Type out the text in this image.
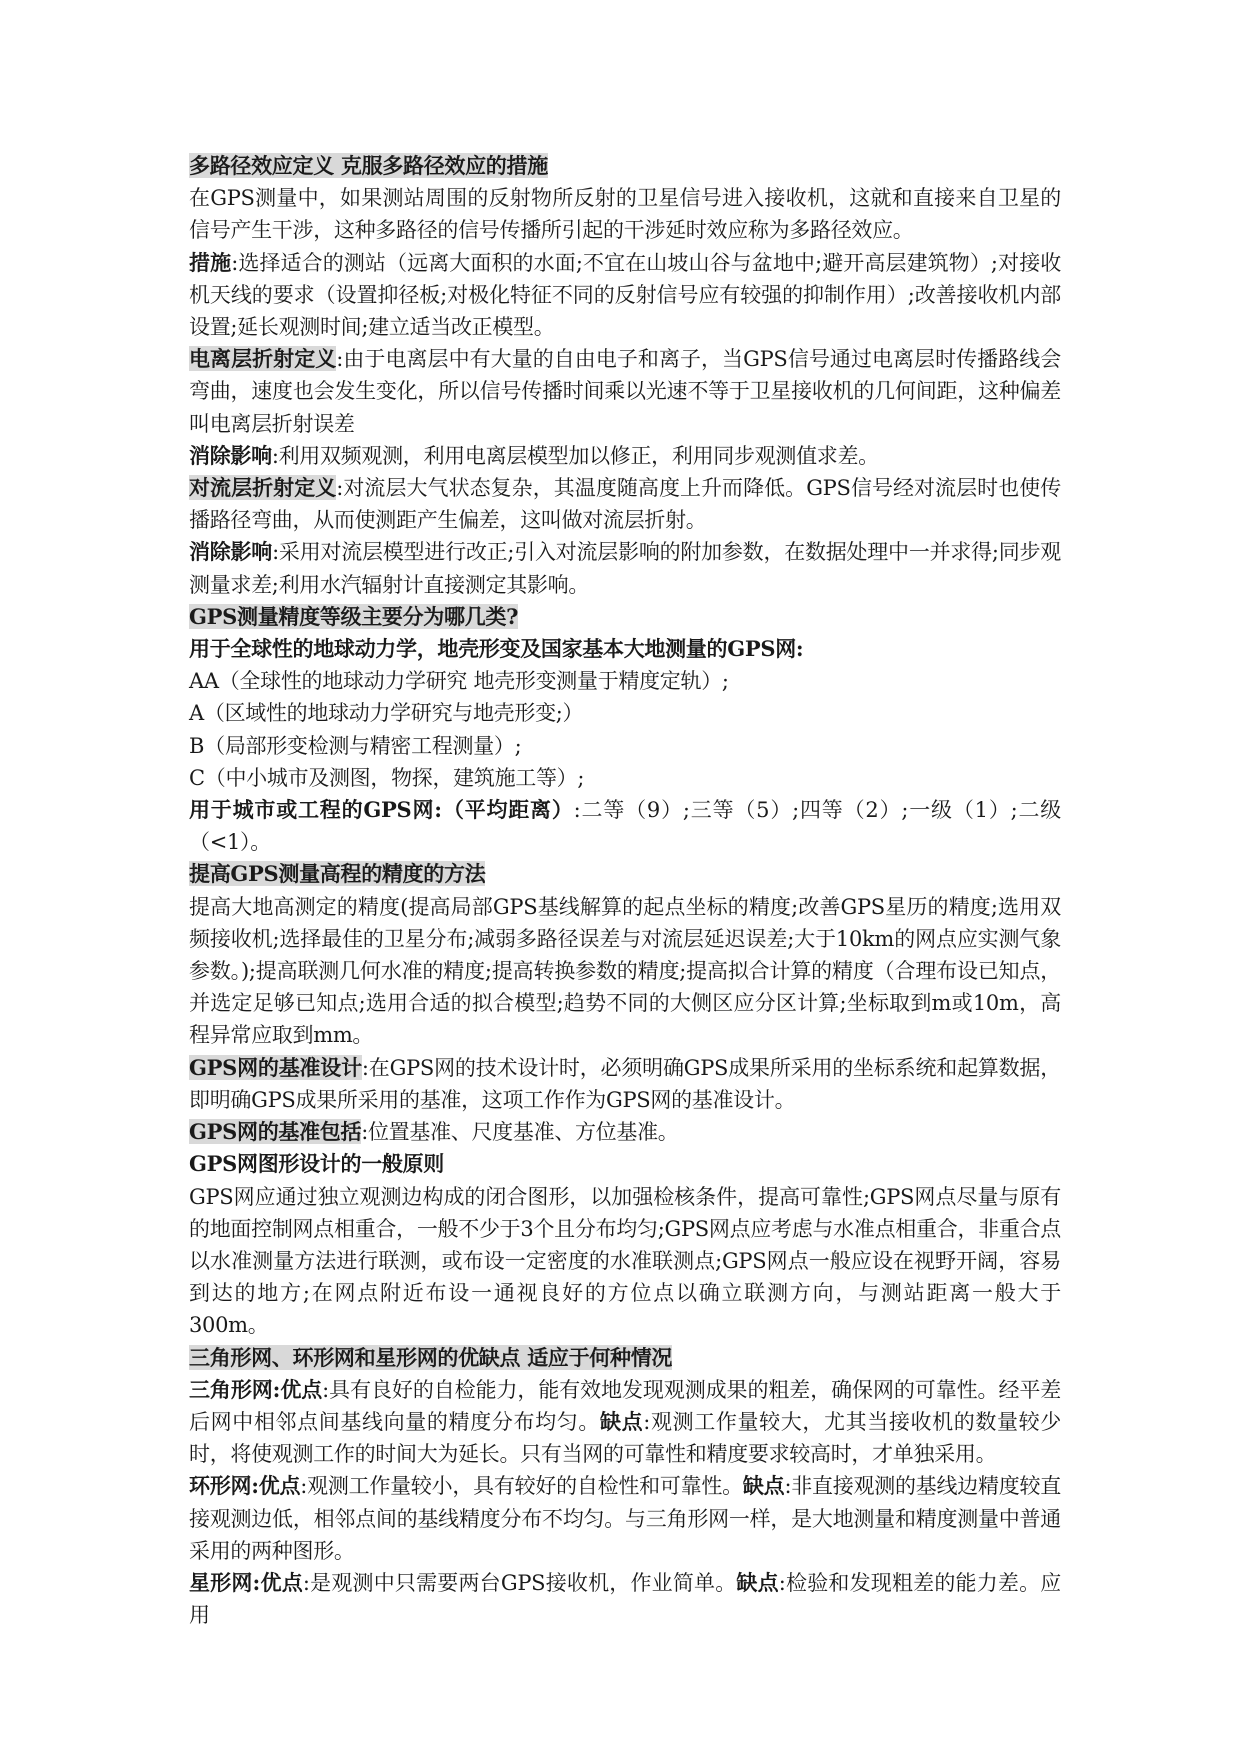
多路径效应定义 克服多路径效应的措施

在GPS测量中，如果测站周围的反射物所反射的卫星信号进入接收机，这就和直接来自卫星的信号产生干涉，这种多路径的信号传播所引起的干涉延时效应称为多路径效应。

措施:选择适合的测站（远离大面积的水面;不宜在山坡山谷与盆地中;避开高层建筑物）;对接收机天线的要求（设置抑径板;对极化特征不同的反射信号应有较强的抑制作用）;改善接收机内部设置;延长观测时间;建立适当改正模型。

电离层折射定义:由于电离层中有大量的自由电子和离子，当GPS信号通过电离层时传播路线会弯曲，速度也会发生变化，所以信号传播时间乘以光速不等于卫星接收机的几何间距，这种偏差叫电离层折射误差

消除影响:利用双频观测，利用电离层模型加以修正，利用同步观测值求差。

对流层折射定义:对流层大气状态复杂，其温度随高度上升而降低。GPS信号经对流层时也使传播路径弯曲，从而使测距产生偏差，这叫做对流层折射。

消除影响:采用对流层模型进行改正;引入对流层影响的附加参数，在数据处理中一并求得;同步观测量求差;利用水汽辐射计直接测定其影响。

GPS测量精度等级主要分为哪几类?

用于全球性的地球动力学，地壳形变及国家基本大地测量的GPS网:

AA（全球性的地球动力学研究 地壳形变测量于精度定轨）;

A（区域性的地球动力学研究与地壳形变;）

B（局部形变检测与精密工程测量）;

C（中小城市及测图，物探，建筑施工等）;

用于城市或工程的GPS网:（平均距离）:二等（9）;三等（5）;四等（2）;一级（1）;二级（<1）。

提高GPS测量高程的精度的方法

提高大地高测定的精度(提高局部GPS基线解算的起点坐标的精度;改善GPS星历的精度;选用双频接收机;选择最佳的卫星分布;减弱多路径误差与对流层延迟误差;大于10km的网点应实测气象参数。);提高联测几何水准的精度;提高转换参数的精度;提高拟合计算的精度（合理布设已知点，并选定足够已知点;选用合适的拟合模型;趋势不同的大侧区应分区计算;坐标取到m或10m，高程异常应取到mm。

GPS网的基准设计:在GPS网的技术设计时，必须明确GPS成果所采用的坐标系统和起算数据，即明确GPS成果所采用的基准，这项工作作为GPS网的基准设计。

GPS网的基准包括:位置基准、尺度基准、方位基准。

GPS网图形设计的一般原则

GPS网应通过独立观测边构成的闭合图形，以加强检核条件，提高可靠性;GPS网点尽量与原有的地面控制网点相重合，一般不少于3个且分布均匀;GPS网点应考虑与水准点相重合，非重合点以水准测量方法进行联测，或布设一定密度的水准联测点;GPS网点一般应设在视野开阔，容易到达的地方;在网点附近布设一通视良好的方位点以确立联测方向，与测站距离一般大于300m。

三角形网、环形网和星形网的优缺点 适应于何种情况

三角形网:优点:具有良好的自检能力，能有效地发现观测成果的粗差，确保网的可靠性。经平差后网中相邻点间基线向量的精度分布均匀。缺点:观测工作量较大，尤其当接收机的数量较少时，将使观测工作的时间大为延长。只有当网的可靠性和精度要求较高时，才单独采用。

环形网:优点:观测工作量较小，具有较好的自检性和可靠性。缺点:非直接观测的基线边精度较直接观测边低，相邻点间的基线精度分布不均匀。与三角形网一样，是大地测量和精度测量中普通采用的两种图形。

星形网:优点:是观测中只需要两台GPS接收机，作业简单。缺点:检验和发现粗差的能力差。应用
